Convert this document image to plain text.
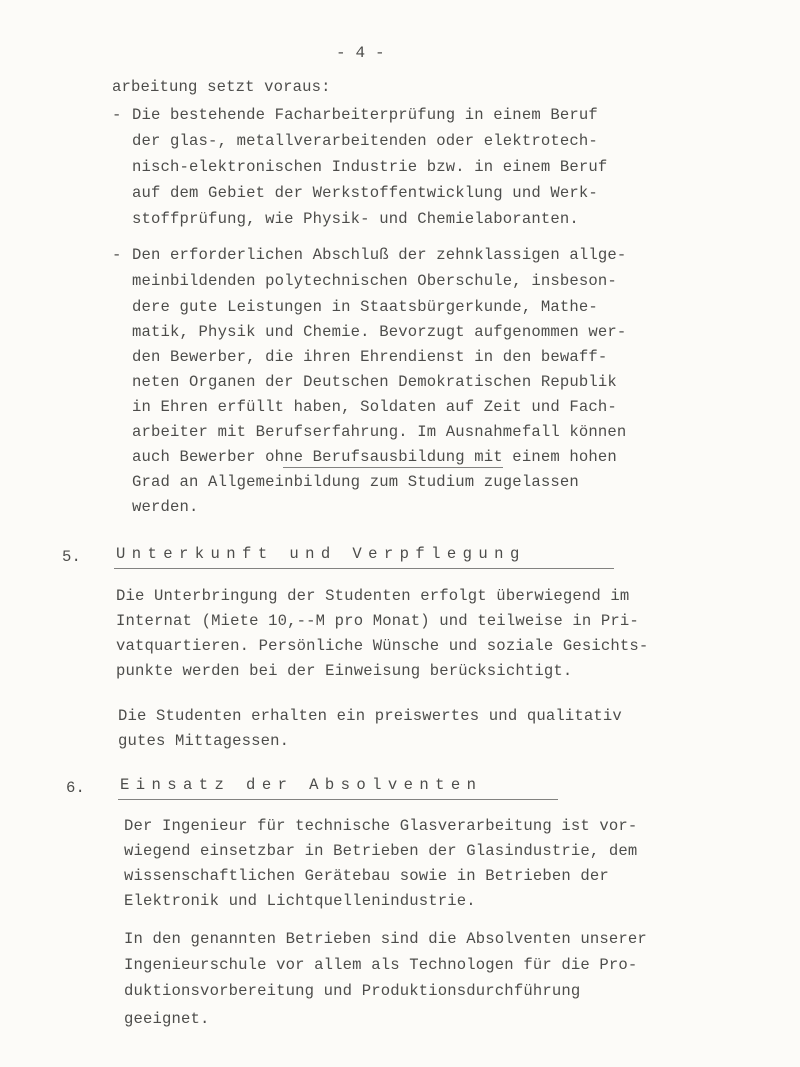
- 4 -
arbeitung setzt voraus:
- Die bestehende Facharbeiterprüfung in einem Beruf
der glas-, metallverarbeitenden oder elektrotech-
nisch-elektronischen Industrie bzw. in einem Beruf
auf dem Gebiet der Werkstoffentwicklung und Werk-
stoffprüfung, wie Physik- und Chemielaboranten.
- Den erforderlichen Abschluß der zehnklassigen allge-
meinbildenden polytechnischen Oberschule, insbeson-
dere gute Leistungen in Staatsbürgerkunde, Mathe-
matik, Physik und Chemie. Bevorzugt aufgenommen wer-
den Bewerber, die ihren Ehrendienst in den bewaff-
neten Organen der Deutschen Demokratischen Republik
in Ehren erfüllt haben, Soldaten auf Zeit und Fach-
arbeiter mit Berufserfahrung. Im Ausnahmefall können
auch Bewerber ohne Berufsausbildung mit einem hohen
Grad an Allgemeinbildung zum Studium zugelassen
werden.
5. Unterkunft und Verpflegung
Die Unterbringung der Studenten erfolgt überwiegend im
Internat (Miete 10,--M pro Monat) und teilweise in Pri-
vatquartieren. Persönliche Wünsche und soziale Gesichts-
punkte werden bei der Einweisung berücksichtigt.
Die Studenten erhalten ein preiswertes und qualitativ
gutes Mittagessen.
6. Einsatz der Absolventen
Der Ingenieur für technische Glasverarbeitung ist vor-
wiegend einsetzbar in Betrieben der Glasindustrie, dem
wissenschaftlichen Gerätebau sowie in Betrieben der
Elektronik und Lichtquellenindustrie.
In den genannten Betrieben sind die Absolventen unserer
Ingenieurschule vor allem als Technologen für die Pro-
duktionsvorbereitung und Produktionsdurchführung
geeignet.
